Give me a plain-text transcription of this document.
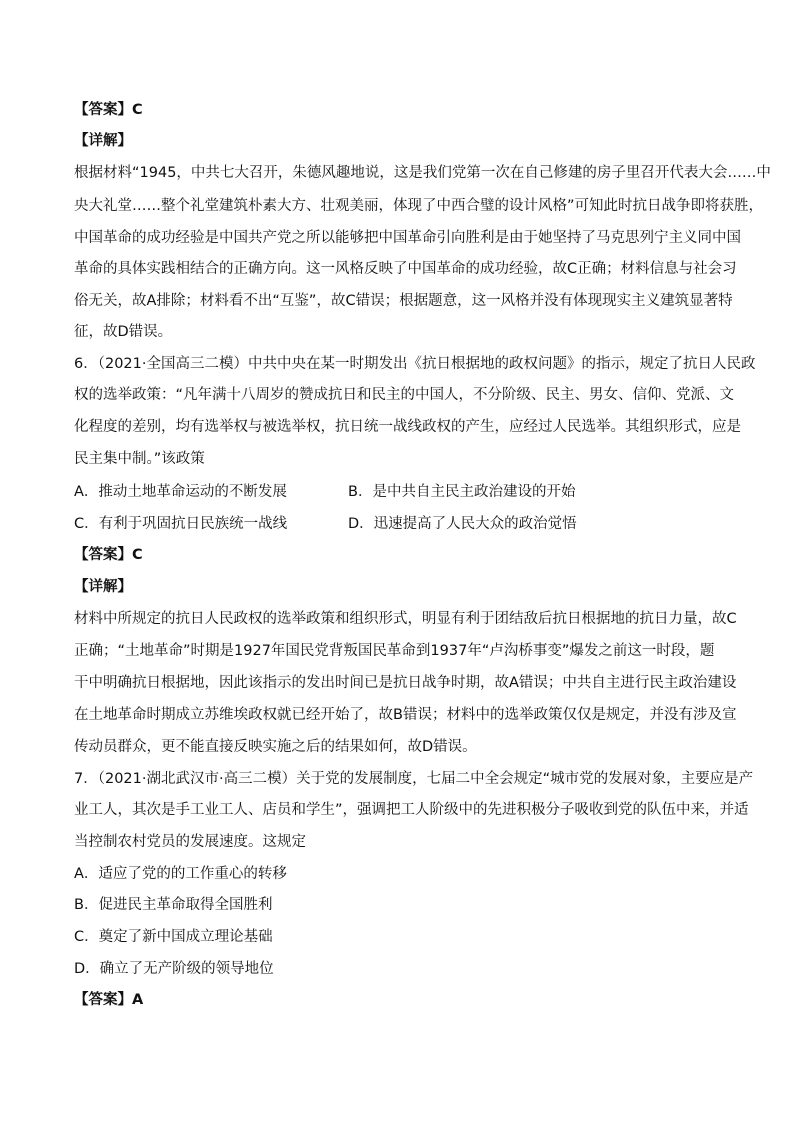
【答案】C
【详解】
根据材料“1945，中共七大召开，朱德风趣地说，这是我们党第一次在自己修建的房子里召开代表大会……中
央大礼堂……整个礼堂建筑朴素大方、壮观美丽，体现了中西合璧的设计风格”可知此时抗日战争即将获胜，
中国革命的成功经验是中国共产党之所以能够把中国革命引向胜利是由于她坚持了马克思列宁主义同中国
革命的具体实践相结合的正确方向。这一风格反映了中国革命的成功经验，故C正确；材料信息与社会习
俗无关，故A排除；材料看不出“互鉴”，故C错误；根据题意，这一风格并没有体现现实主义建筑显著特
征，故D错误。
6．（2021·全国高三二模）中共中央在某一时期发出《抗日根据地的政权问题》的指示，规定了抗日人民政
权的选举政策：“凡年满十八周岁的赞成抗日和民主的中国人，不分阶级、民主、男女、信仰、党派、文
化程度的差别，均有选举权与被选举权，抗日统一战线政权的产生，应经过人民选举。其组织形式，应是
民主集中制。”该政策
A．推动土地革命运动的不断发展	B．是中共自主民主政治建设的开始
C．有利于巩固抗日民族统一战线	D．迅速提高了人民大众的政治觉悟
【答案】C
【详解】
材料中所规定的抗日人民政权的选举政策和组织形式，明显有利于团结敌后抗日根据地的抗日力量，故C
正确；“土地革命”时期是1927年国民党背叛国民革命到1937年“卢沟桥事变”爆发之前这一时段，题
干中明确抗日根据地，因此该指示的发出时间已是抗日战争时期，故A错误；中共自主进行民主政治建设
在土地革命时期成立苏维埃政权就已经开始了，故B错误；材料中的选举政策仅仅是规定，并没有涉及宣
传动员群众，更不能直接反映实施之后的结果如何，故D错误。
7．（2021·湖北武汉市·高三二模）关于党的发展制度，七届二中全会规定“城市党的发展对象，主要应是产
业工人，其次是手工业工人、店员和学生”，强调把工人阶级中的先进积极分子吸收到党的队伍中来，并适
当控制农村党员的发展速度。这规定
A．适应了党的的工作重心的转移
B．促进民主革命取得全国胜利
C．奠定了新中国成立理论基础
D．确立了无产阶级的领导地位
【答案】A
